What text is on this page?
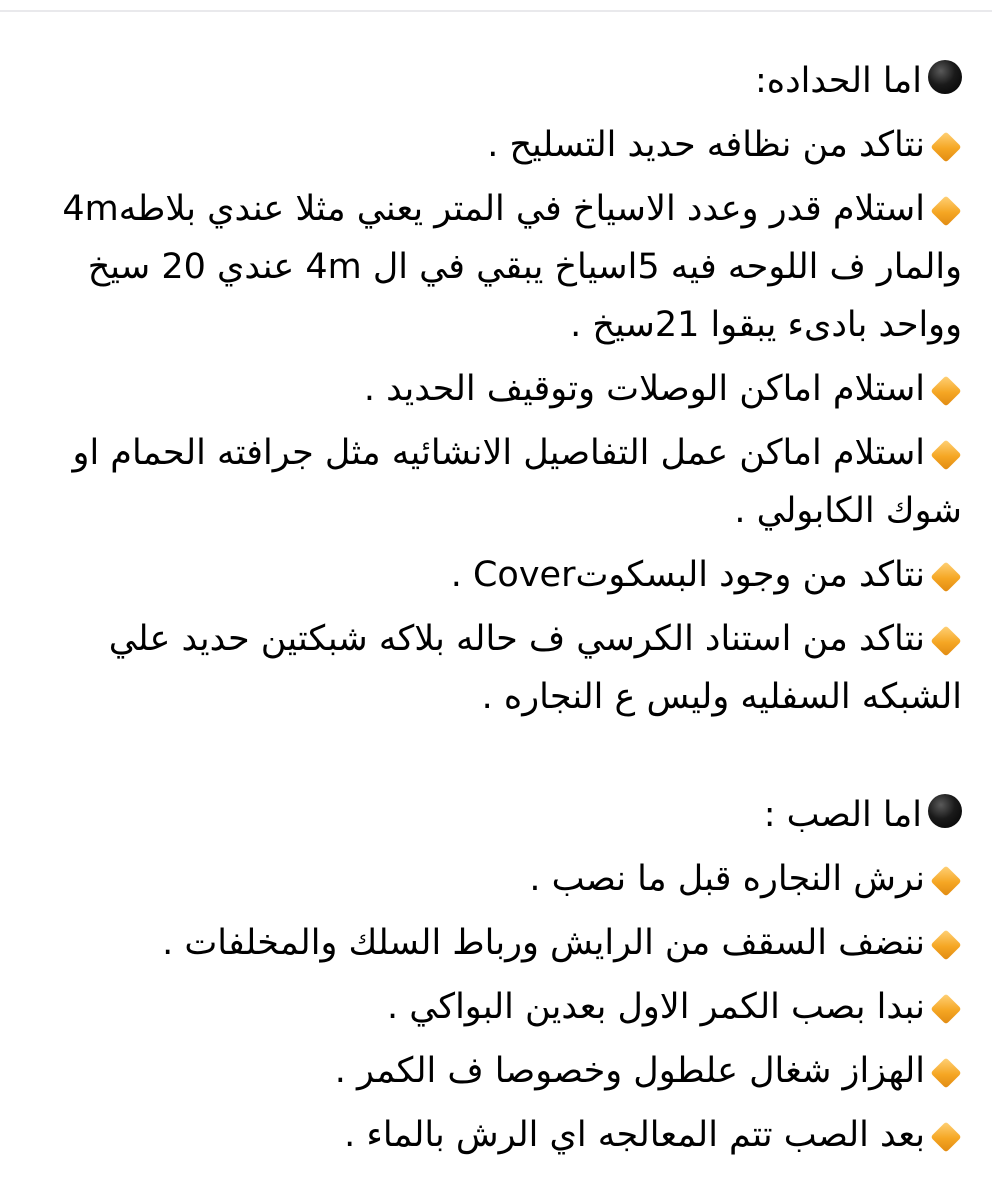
اما الحداده:
نتاكد من نظافه حديد التسليح .
استلام قدر وعدد الاسياخ في المتر يعني مثلا عندي بلاطه4m والمار ف اللوحه فيه 5اسياخ يبقي في ال 4m عندي 20 سيخ وواحد بادىء يبقوا 21سيخ .
استلام اماكن الوصلات وتوقيف الحديد .
استلام اماكن عمل التفاصيل الانشائيه مثل جرافته الحمام او شوك الكابولي .
نتاكد من وجود البسكوتCover .
نتاكد من استناد الكرسي ف حاله بلاكه شبكتين حديد علي الشبكه السفليه وليس ع النجاره .
اما الصب :
نرش النجاره قبل ما نصب .
ننضف السقف من الرايش ورباط السلك والمخلفات .
نبدا بصب الكمر الاول بعدين البواكي .
الهزاز شغال علطول وخصوصا ف الكمر .
بعد الصب تتم المعالجه اي الرش بالماء .
